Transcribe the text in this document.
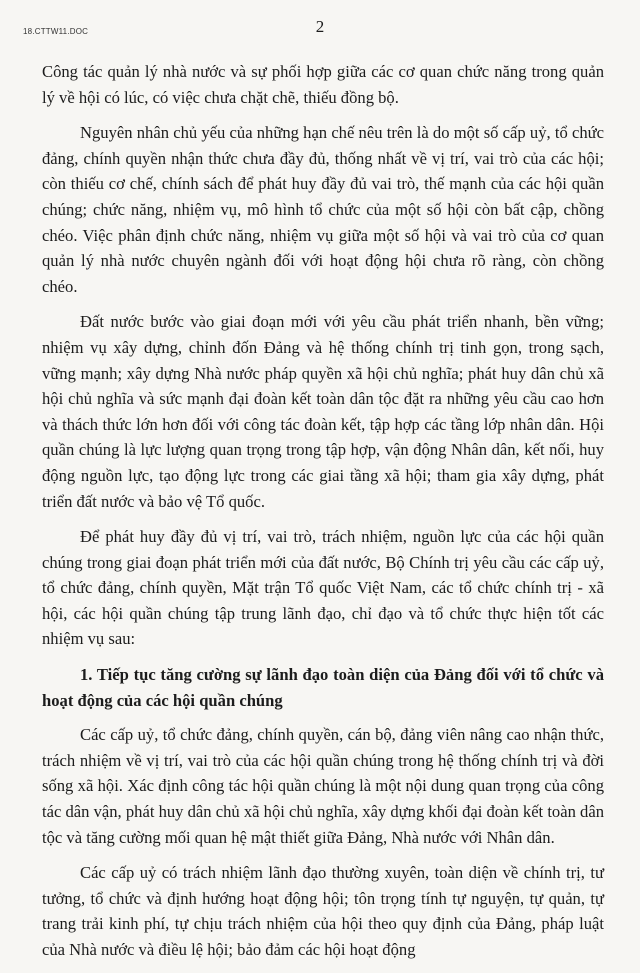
18.CTTW11.DOC	2

Công tác quản lý nhà nước và sự phối hợp giữa các cơ quan chức năng trong quản lý về hội có lúc, có việc chưa chặt chẽ, thiếu đồng bộ.

Nguyên nhân chủ yếu của những hạn chế nêu trên là do một số cấp uỷ, tổ chức đảng, chính quyền nhận thức chưa đầy đủ, thống nhất về vị trí, vai trò của các hội; còn thiếu cơ chế, chính sách để phát huy đầy đủ vai trò, thế mạnh của các hội quần chúng; chức năng, nhiệm vụ, mô hình tổ chức của một số hội còn bất cập, chồng chéo. Việc phân định chức năng, nhiệm vụ giữa một số hội và vai trò của cơ quan quản lý nhà nước chuyên ngành đối với hoạt động hội chưa rõ ràng, còn chồng chéo.

Đất nước bước vào giai đoạn mới với yêu cầu phát triển nhanh, bền vững; nhiệm vụ xây dựng, chỉnh đốn Đảng và hệ thống chính trị tinh gọn, trong sạch, vững mạnh; xây dựng Nhà nước pháp quyền xã hội chủ nghĩa; phát huy dân chủ xã hội chủ nghĩa và sức mạnh đại đoàn kết toàn dân tộc đặt ra những yêu cầu cao hơn và thách thức lớn hơn đối với công tác đoàn kết, tập hợp các tầng lớp nhân dân. Hội quần chúng là lực lượng quan trọng trong tập hợp, vận động Nhân dân, kết nối, huy động nguồn lực, tạo động lực trong các giai tầng xã hội; tham gia xây dựng, phát triển đất nước và bảo vệ Tổ quốc.

Để phát huy đầy đủ vị trí, vai trò, trách nhiệm, nguồn lực của các hội quần chúng trong giai đoạn phát triển mới của đất nước, Bộ Chính trị yêu cầu các cấp uỷ, tổ chức đảng, chính quyền, Mặt trận Tổ quốc Việt Nam, các tổ chức chính trị - xã hội, các hội quần chúng tập trung lãnh đạo, chỉ đạo và tổ chức thực hiện tốt các nhiệm vụ sau:

1. Tiếp tục tăng cường sự lãnh đạo toàn diện của Đảng đối với tổ chức và hoạt động của các hội quần chúng

Các cấp uỷ, tổ chức đảng, chính quyền, cán bộ, đảng viên nâng cao nhận thức, trách nhiệm về vị trí, vai trò của các hội quần chúng trong hệ thống chính trị và đời sống xã hội. Xác định công tác hội quần chúng là một nội dung quan trọng của công tác dân vận, phát huy dân chủ xã hội chủ nghĩa, xây dựng khối đại đoàn kết toàn dân tộc và tăng cường mối quan hệ mật thiết giữa Đảng, Nhà nước với Nhân dân.

Các cấp uỷ có trách nhiệm lãnh đạo thường xuyên, toàn diện về chính trị, tư tưởng, tổ chức và định hướng hoạt động hội; tôn trọng tính tự nguyện, tự quản, tự trang trải kinh phí, tự chịu trách nhiệm của hội theo quy định của Đảng, pháp luật của Nhà nước và điều lệ hội; bảo đảm các hội hoạt động
